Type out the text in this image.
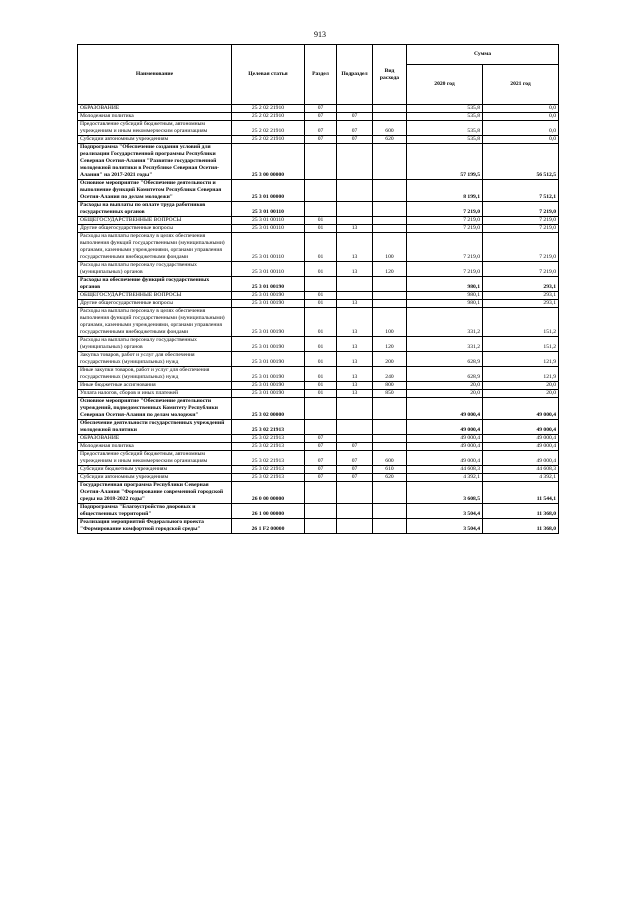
913
Наименование	Целевая статья	Раздел	Подраздел	Вид расхода	Сумма	
					2020 год	2021 год
ОБРАЗОВАНИЕ	25 2 02 21910	07			535,8	0,0
Молодежная политика	25 2 02 21910	07	07		535,8	0,0
Предоставление субсидий бюджетным, автономным учреждениям и иным некоммерческим организациям	25 2 02 21910	07	07	600	535,8	0,0
Субсидии автономным учреждениям	25 2 02 21910	07	07	620	535,8	0,0
Подпрограмма "Обеспечение создания условий для реализации Государственной программы Республики Северная Осетия-Алания "Развитие государственной молодежной политики в Республике Северная Осетия-Алания" на 2017-2021 годы"	25 3 00 00000				57 199,5	56 512,5
Основное мероприятие "Обеспечение деятельности и выполнение функций Комитетом Республики Северная Осетия-Алания по делам молодежи"	25 3 01 00000				8 199,1	7 512,1
Расходы на выплаты по оплате труда работников государственных органов	25 3 01 00110				7 219,0	7 219,0
ОБЩЕГОСУДАРСТВЕННЫЕ ВОПРОСЫ	25 3 01 00110	01			7 219,0	7 219,0
Другие общегосударственные вопросы	25 3 01 00110	01	13		7 219,0	7 219,0
Расходы на выплаты персоналу в целях обеспечения выполнения функций государственными (муниципальными) органами, казенными учреждениями, органами управления государственными внебюджетными фондами	25 3 01 00110	01	13	100	7 219,0	7 219,0
Расходы на выплаты персоналу государственных (муниципальных) органов	25 3 01 00110	01	13	120	7 219,0	7 219,0
Расходы на обеспечение функций государственных органов	25 3 01 00190				980,1	293,1
ОБЩЕГОСУДАРСТВЕННЫЕ ВОПРОСЫ	25 3 01 00190	01			980,1	293,1
Другие общегосударственные вопросы	25 3 01 00190	01	13		980,1	293,1
Расходы на выплаты персоналу в целях обеспечения выполнения функций государственными (муниципальными) органами, казенными учреждениями, органами управления государственными внебюджетными фондами	25 3 01 00190	01	13	100	331,2	151,2
Расходы на выплаты персоналу государственных (муниципальных) органов	25 3 01 00190	01	13	120	331,2	151,2
Закупка товаров, работ и услуг для обеспечения государственных (муниципальных) нужд	25 3 01 00190	01	13	200	628,9	121,9
Иные закупки товаров, работ и услуг для обеспечения государственных (муниципальных) нужд	25 3 01 00190	01	13	240	628,9	121,9
Иные бюджетные ассигнования	25 3 01 00190	01	13	800	20,0	20,0
Уплата налогов, сборов и иных платежей	25 3 01 00190	01	13	850	20,0	20,0
Основное мероприятие "Обеспечение деятельности учреждений, подведомственных Комитету Республики Северная Осетия-Алания по делам молодежи"	25 3 02 00000				49 000,4	49 000,4
Обеспечение деятельности государственных учреждений молодежной политики	25 3 02 21913				49 000,4	49 000,4
ОБРАЗОВАНИЕ	25 3 02 21913	07			49 000,4	49 000,4
Молодежная политика	25 3 02 21913	07	07		49 000,4	49 000,4
Предоставление субсидий бюджетным, автономным учреждениям и иным некоммерческим организациям	25 3 02 21913	07	07	600	49 000,4	49 000,4
Субсидии бюджетным учреждениям	25 3 02 21913	07	07	610	44 608,3	44 608,3
Субсидии автономным учреждениям	25 3 02 21913	07	07	620	4 392,1	4 392,1
Государственная программа Республики Северная Осетия-Алания "Формирование современной городской среды на 2018-2022 годы"	26 0 00 00000				3 608,5	11 544,1
Подпрограмма "Благоустройство дворовых и общественных территорий"	26 1 00 00000				3 504,4	11 368,0
Реализация мероприятий Федерального проекта "Формирование комфортной городской среды"	26 1 F2 00000				3 504,4	11 368,0
